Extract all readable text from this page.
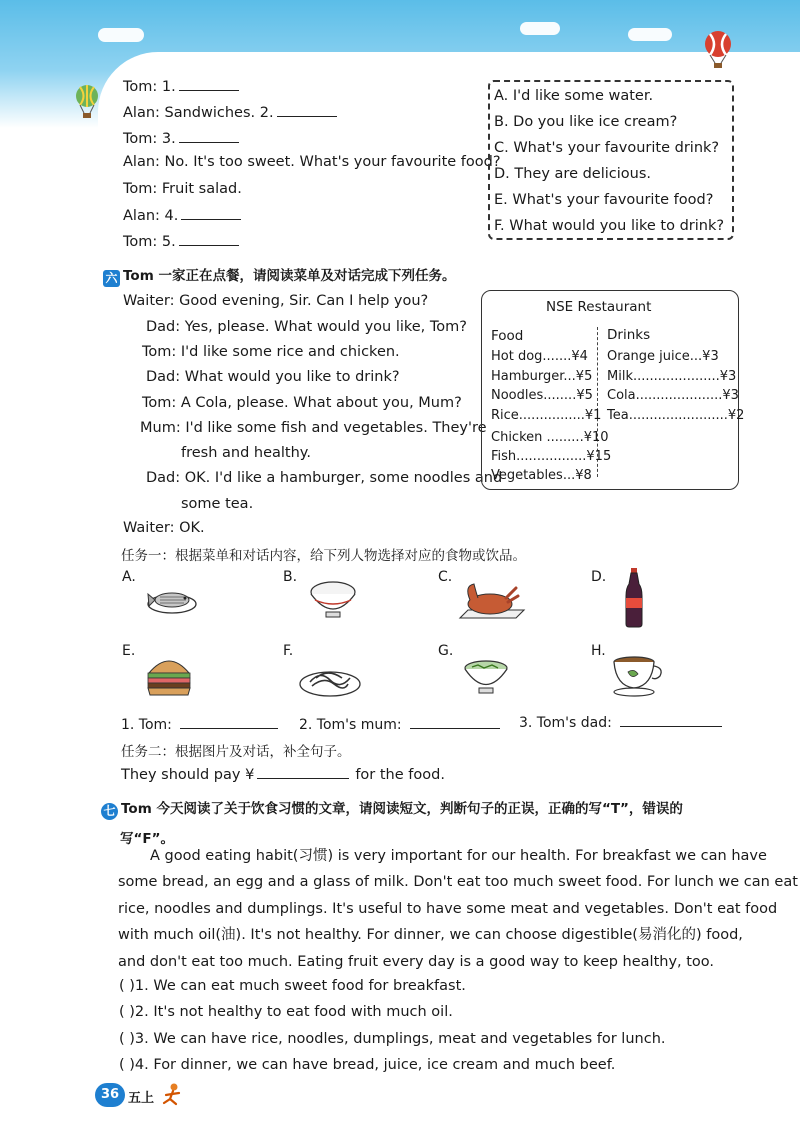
Tom: 1.
Alan: Sandwiches. 2.
Tom: 3.
Alan: No. It's too sweet. What's your favourite food?
Tom: Fruit salad.
Alan: 4.
Tom: 5.
A. I'd like some water.
B. Do you like ice cream?
C. What's your favourite drink?
D. They are delicious.
E. What's your favourite food?
F. What would you like to drink?
六 Tom 一家正在点餐，请阅读菜单及对话完成下列任务。
Waiter: Good evening, Sir. Can I help you?
Dad: Yes, please. What would you like, Tom?
Tom: I'd like some rice and chicken.
Dad: What would you like to drink?
Tom: A Cola, please. What about you, Mum?
Mum: I'd like some fish and vegetables. They're
fresh and healthy.
Dad: OK. I'd like a hamburger, some noodles and
some tea.
Waiter: OK.
NSE Restaurant
Food	Drinks
Hot dog.......¥4
Hamburger...¥5
Noodles........¥5
Rice................¥1
Chicken .........¥10
Fish.................¥15
Vegetables...¥8
Orange juice...¥3
Milk.....................¥3
Cola.....................¥3
Tea........................¥2
任务一：根据菜单和对话内容，给下列人物选择对应的食物或饮品。
A.	B.	C.	D.
E.	F.	G.	H.
1. Tom:	2. Tom's mum:	3. Tom's dad:
任务二：根据图片及对话，补全句子。
They should pay ¥	for the food.
七 Tom 今天阅读了关于饮食习惯的文章，请阅读短文，判断句子的正误，正确的写“T”，错误的
写“F”。
A good eating habit(习惯) is very important for our health. For breakfast we can have
some bread, an egg and a glass of milk. Don't eat too much sweet food. For lunch we can eat
rice, noodles and dumplings. It's useful to have some meat and vegetables. Don't eat food
with much oil(油). It's not healthy. For dinner, we can choose digestible(易消化的) food,
and don't eat too much. Eating fruit every day is a good way to keep healthy, too.
( )1. We can eat much sweet food for breakfast.
( )2. It's not healthy to eat food with much oil.
( )3. We can have rice, noodles, dumplings, meat and vegetables for lunch.
( )4. For dinner, we can have bread, juice, ice cream and much beef.
36 五上
